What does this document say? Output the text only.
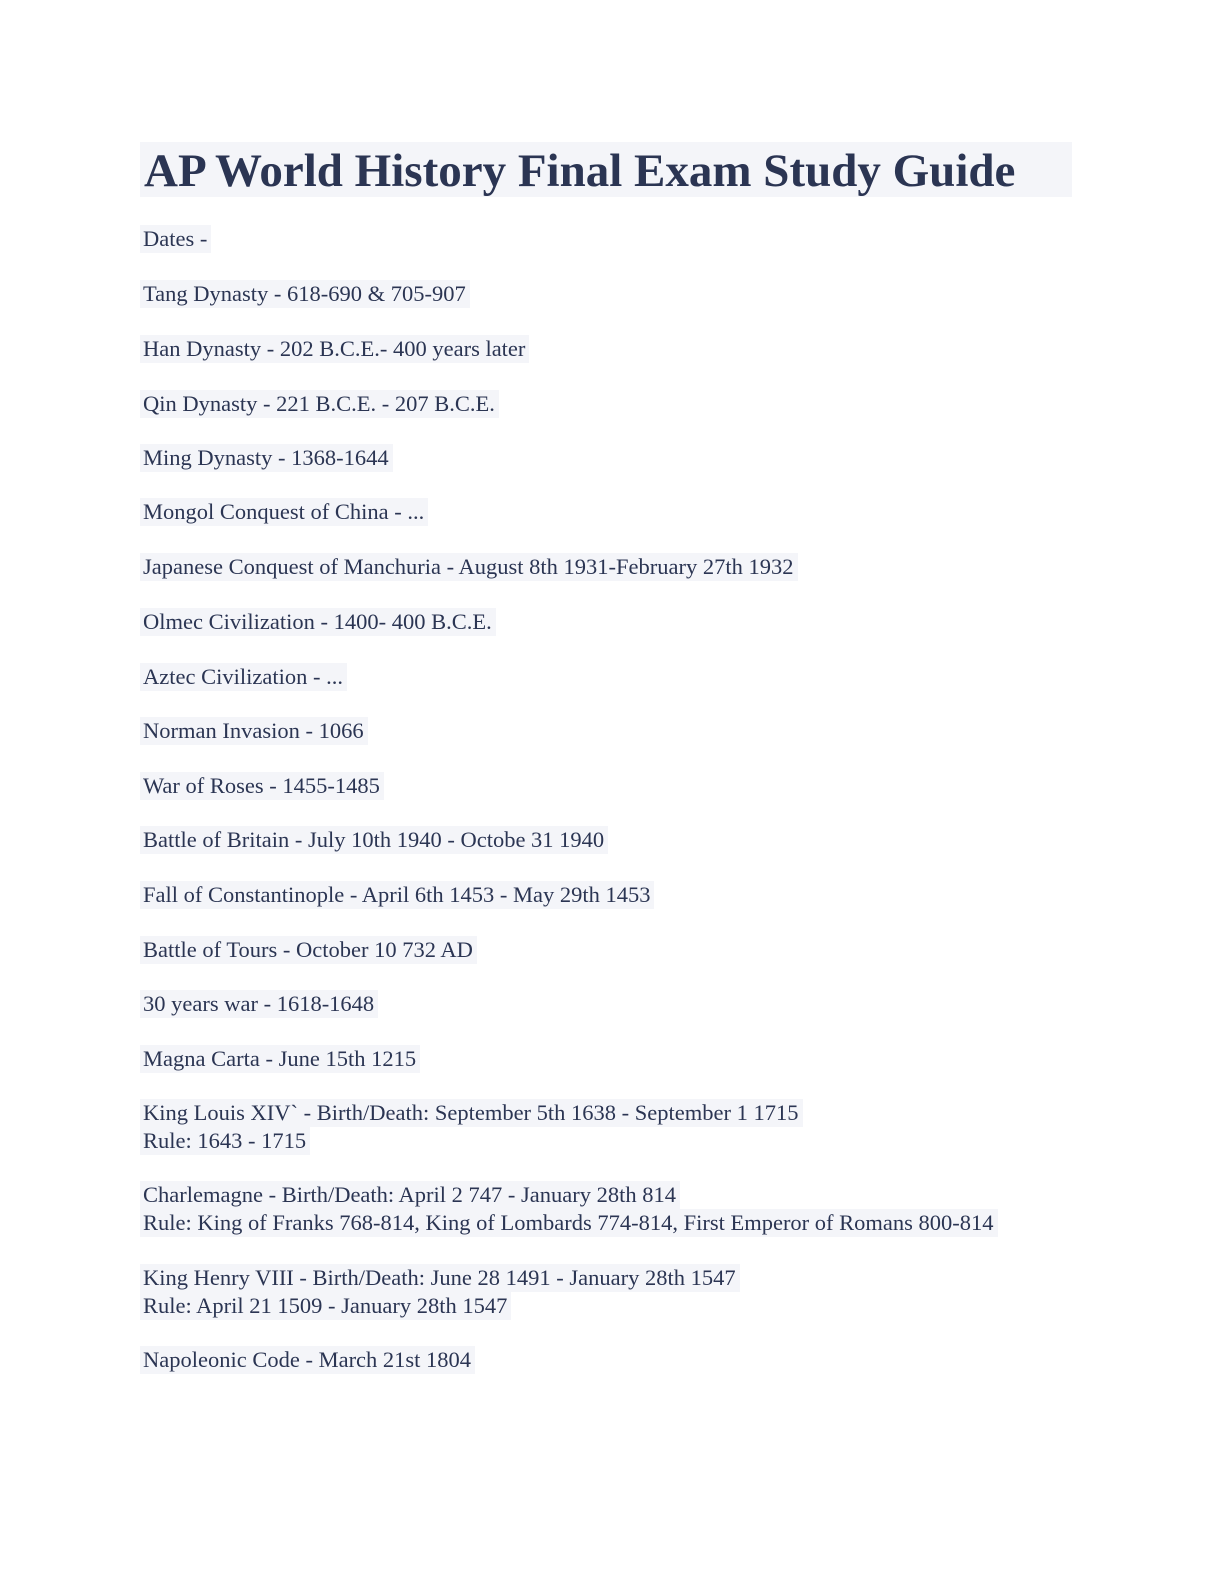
AP World History Final Exam Study Guide
Dates -
Tang Dynasty - 618-690 & 705-907
Han Dynasty - 202 B.C.E.- 400 years later
Qin Dynasty - 221 B.C.E. - 207 B.C.E.
Ming Dynasty - 1368-1644
Mongol Conquest of China - ...
Japanese Conquest of Manchuria - August 8th 1931-February 27th 1932
Olmec Civilization - 1400- 400 B.C.E.
Aztec Civilization - ...
Norman Invasion - 1066
War of Roses - 1455-1485
Battle of Britain - July 10th 1940 - Octobe 31 1940
Fall of Constantinople - April 6th 1453 - May 29th 1453
Battle of Tours - October 10 732 AD
30 years war - 1618-1648
Magna Carta - June 15th 1215
King Louis XIV` - Birth/Death: September 5th 1638 - September 1 1715
Rule: 1643 - 1715
Charlemagne - Birth/Death: April 2 747 - January 28th 814
Rule: King of Franks 768-814, King of Lombards 774-814, First Emperor of Romans 800-814
King Henry VIII - Birth/Death: June 28 1491 - January 28th 1547
Rule: April 21 1509 - January 28th 1547
Napoleonic Code - March 21st 1804
